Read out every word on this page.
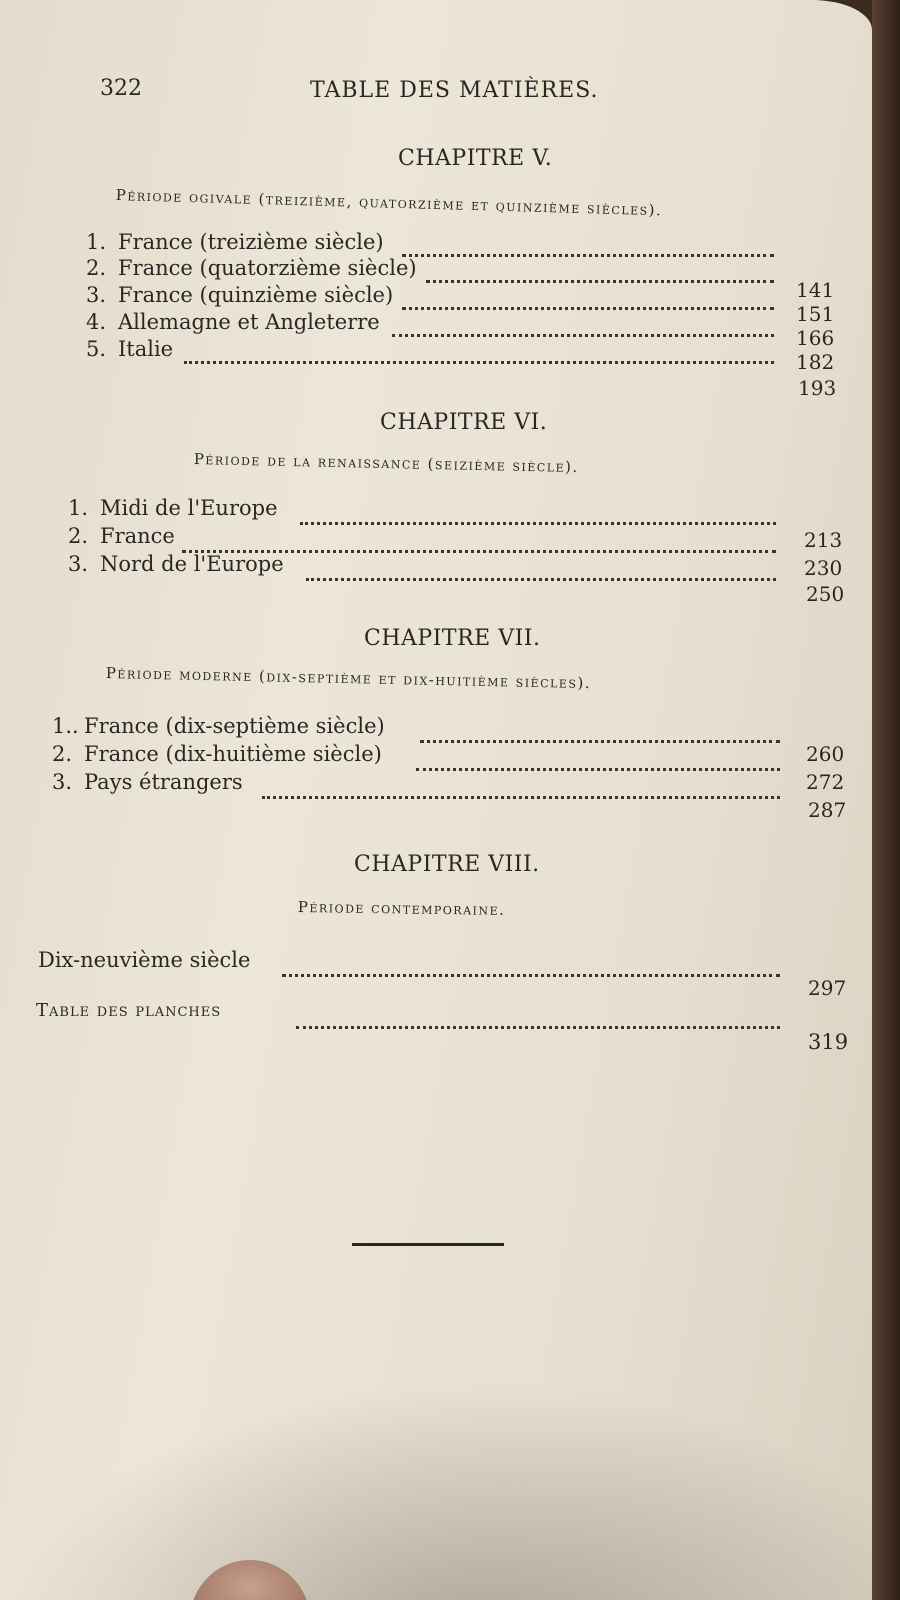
322	TABLE DES MATIÈRES.
CHAPITRE V.
Période ogivale (treizième, quatorzième et quinzième siècles).
1. France (treizième siècle)
141
2. France (quatorzième siècle)
151
3. France (quinzième siècle)
166
4. Allemagne et Angleterre
182
5. Italie
193
CHAPITRE VI.
Période de la renaissance (seizième siècle).
1. Midi de l'Europe
213
2. France
230
3. Nord de l'Europe
250
CHAPITRE VII.
Période moderne (dix-septième et dix-huitième siècles).
1.. France (dix-septième siècle)
260
2. France (dix-huitième siècle)
272
3. Pays étrangers
287
CHAPITRE VIII.
Période contemporaine.
Dix-neuvième siècle
297
Table des planches
319
